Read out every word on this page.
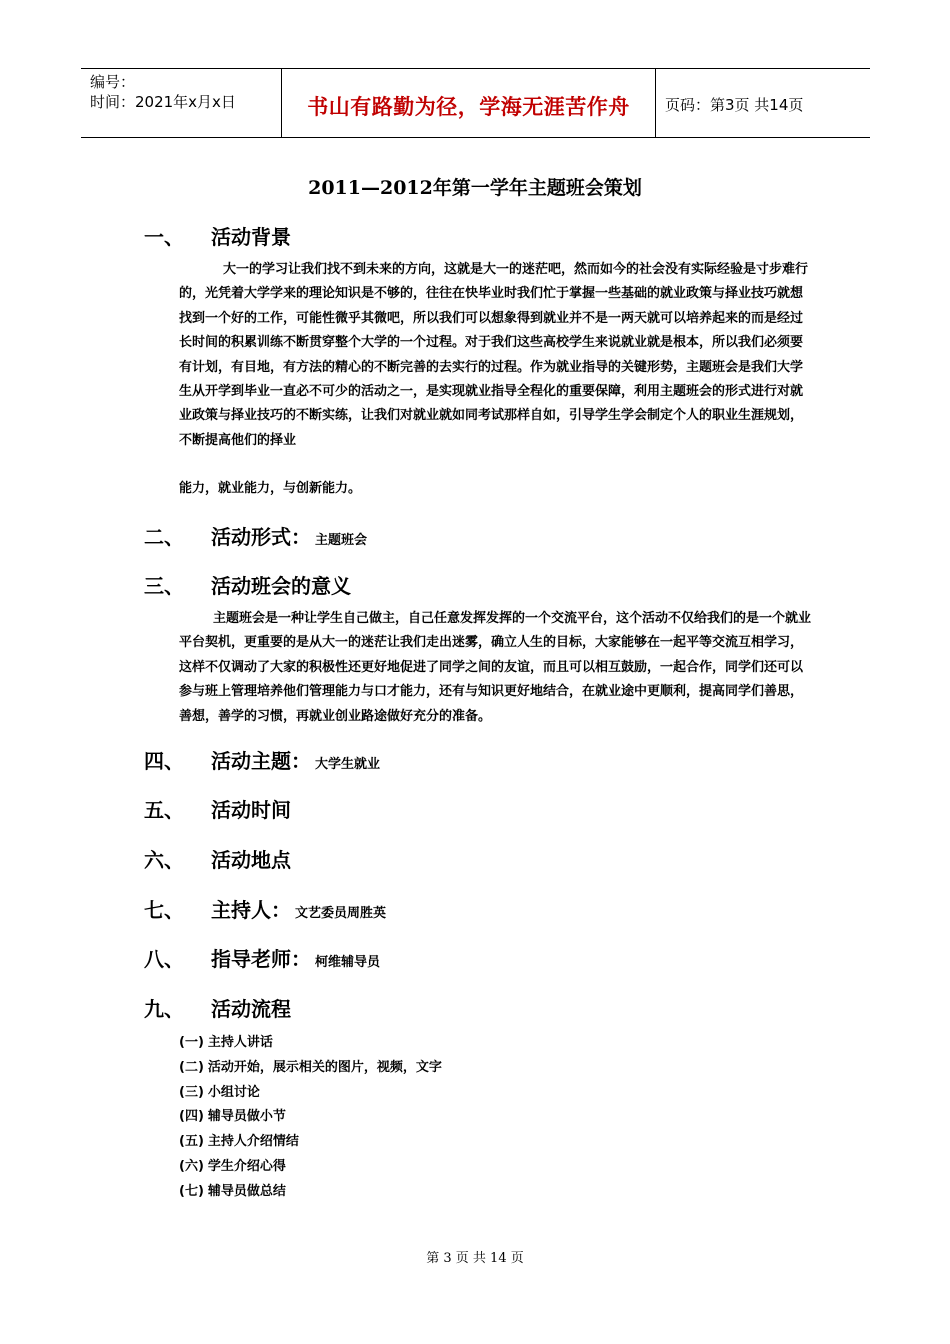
编号：
时间：2021年x月x日	书山有路勤为径，学海无涯苦作舟	页码：第3页 共14页
2011—2012年第一学年主题班会策划
一、 活动背景
大一的学习让我们找不到未来的方向，这就是大一的迷茫吧，然而如今的社会没有实际经验是寸步难行的，光凭着大学学来的理论知识是不够的，往往在快毕业时我们忙于掌握一些基础的就业政策与择业技巧就想找到一个好的工作，可能性微乎其微吧，所以我们可以想象得到就业并不是一两天就可以培养起来的而是经过长时间的积累训练不断贯穿整个大学的一个过程。对于我们这些高校学生来说就业就是根本，所以我们必须要有计划，有目地，有方法的精心的不断完善的去实行的过程。作为就业指导的关键形势，主题班会是我们大学生从开学到毕业一直必不可少的活动之一，是实现就业指导全程化的重要保障，利用主题班会的形式进行对就业政策与择业技巧的不断实练，让我们对就业就如同考试那样自如，引导学生学会制定个人的职业生涯规划，不断提高他们的择业
能力，就业能力，与创新能力。
二、 活动形式： 主题班会
三、 活动班会的意义
主题班会是一种让学生自己做主，自己任意发挥发挥的一个交流平台，这个活动不仅给我们的是一个就业平台契机，更重要的是从大一的迷茫让我们走出迷雾，确立人生的目标，大家能够在一起平等交流互相学习，这样不仅调动了大家的积极性还更好地促进了同学之间的友谊，而且可以相互鼓励，一起合作，同学们还可以参与班上管理培养他们管理能力与口才能力，还有与知识更好地结合，在就业途中更顺利，提高同学们善思，善想，善学的习惯，再就业创业路途做好充分的准备。
四、 活动主题： 大学生就业
五、 活动时间
六、 活动地点
七、 主持人： 文艺委员周胜英
八、 指导老师： 柯维辅导员
九、 活动流程
(一) 主持人讲话
(二) 活动开始，展示相关的图片，视频，文字
(三) 小组讨论
(四) 辅导员做小节
(五) 主持人介绍情结
(六) 学生介绍心得
(七) 辅导员做总结
第 3 页 共 14 页
